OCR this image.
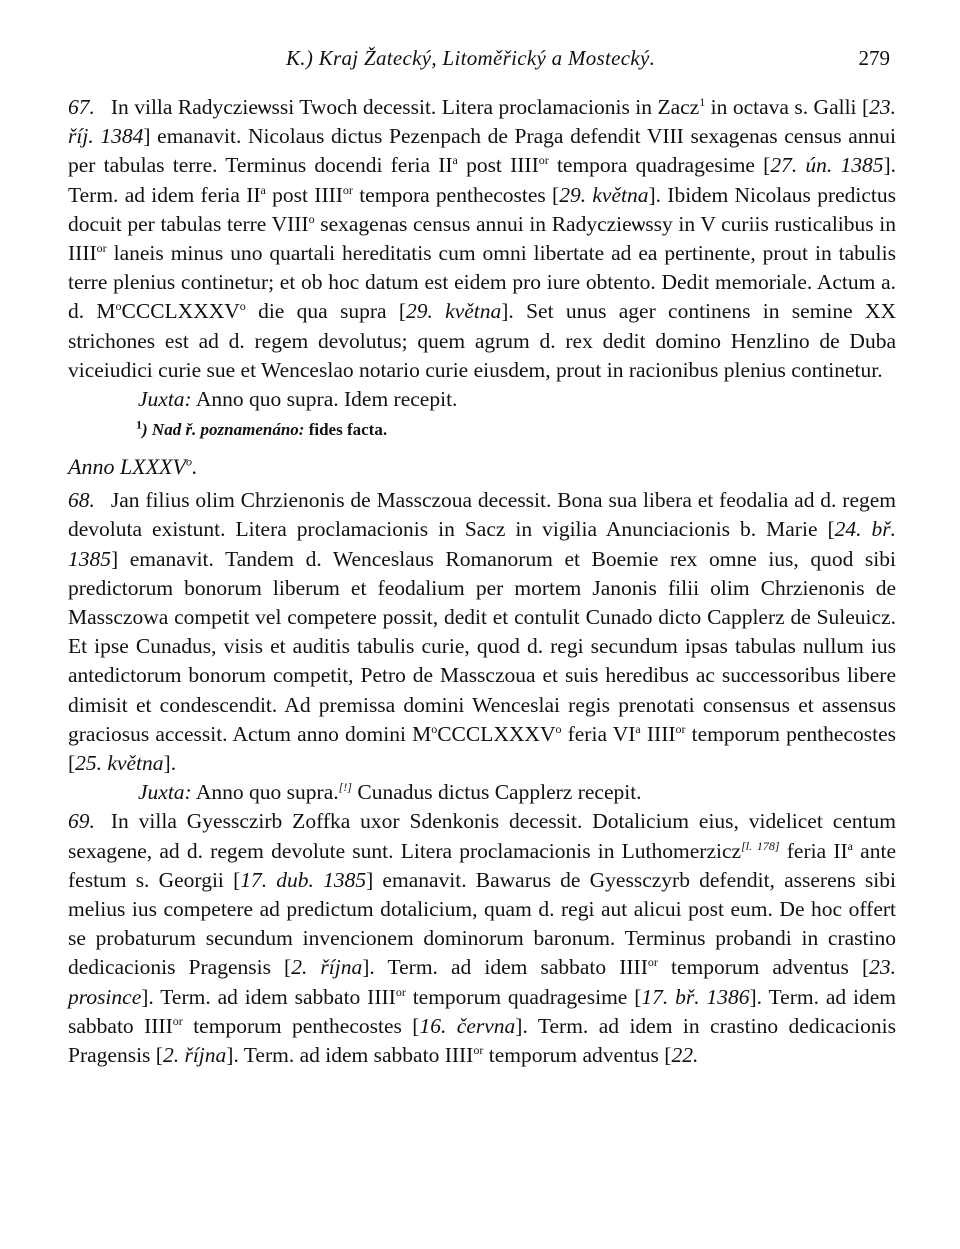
K.) Kraj Žatecký, Litoměřický a Mostecký.	279

67. In villa Radyczieѡssi Twoch decessit. Litera proclamacionis in Zacz$^1$ in octava s. Galli [23. říj. 1384] emanavit. Nicolaus dictus Pezenpach de Praga defendit VIII sexagenas census annui per tabulas terre. Terminus docendi feria $II^a$ post $IIII^{or}$ tempora quadragesime [27. ún. 1385]. Term. ad idem feria $II^a$ post $IIII^{or}$ tempora penthecostes [29. května]. Ibidem Nicolaus predictus docuit per tabulas terre VIII$^o$ sexagenas census annui in Radyczieѡssy in V curiis rusticalibus in $IIII^{or}$ laneis minus uno quartali hereditatis cum omni libertate ad ea pertinente, prout in tabulis terre plenius continetur; et ob hoc datum est eidem pro iure obtento. Dedit memoriale. Actum a. d. $M^oCCCLXXXV^o$ die qua supra [29. května]. Set unus ager continens in semine XX strichones est ad d. regem devolutus; quem agrum d. rex dedit domino Henzlino de Duba viceiudici curie sue et Wenceslao notario curie eiusdem, prout in racionibus plenius continetur.

Juxta: Anno quo supra. Idem recepit.

$^1$) Nad ř. poznamenáno: fides facta.

Anno LXXXV$^o$.

68. Jan filius olim Chrzienonis de Massczoua decessit. Bona sua libera et feodalia ad d. regem devoluta existunt. Litera proclamacionis in Sacz in vigilia Anunciacionis b. Marie [24. bř. 1385] emanavit. Tandem d. Wenceslaus Romanorum et Boemie rex omne ius, quod sibi predictorum bonorum liberum et feodalium per mortem Janonis filii olim Chrzienonis de Massczowa competit vel competere possit, dedit et contulit Cunado dicto Capplerz de Suleuicz. Et ipse Cunadus, visis et auditis tabulis curie, quod d. regi secundum ipsas tabulas nullum ius antedictorum bonorum competit, Petro de Massczoua et suis heredibus ac successoribus libere dimisit et condescendit. Ad premissa domini Wenceslai regis prenotati consensus et assensus graciosus accessit. Actum anno domini $M^oCCCLXXXV^o$ feria $VI^a$ $IIII^{or}$ temporum penthecostes [25. května].

Juxta: Anno quo supra.[!] Cunadus dictus Capplerz recepit.

69. In villa Gyessczirb Zoffka uxor Sdenkonis decessit. Dotalicium eius, videlicet centum sexagene, ad d. regem devolute sunt. Litera proclamacionis in Luthomerzicz[l. 178] feria $II^a$ ante festum s. Georgii [17. dub. 1385] emanavit. Bawarus de Gyessczyrb defendit, asserens sibi melius ius competere ad predictum dotalicium, quam d. regi aut alicui post eum. De hoc offert se probaturum secundum invencionem dominorum baronum. Terminus probandi in crastino dedicacionis Pragensis [2. října]. Term. ad idem sabbato $IIII^{or}$ temporum adventus [23. prosince]. Term. ad idem sabbato $IIII^{or}$ temporum quadragesime [17. bř. 1386]. Term. ad idem sabbato $IIII^{or}$ temporum penthecostes [16. června]. Term. ad idem in crastino dedicacionis Pragensis [2. října]. Term. ad idem sabbato $IIII^{or}$ temporum adventus [22.
